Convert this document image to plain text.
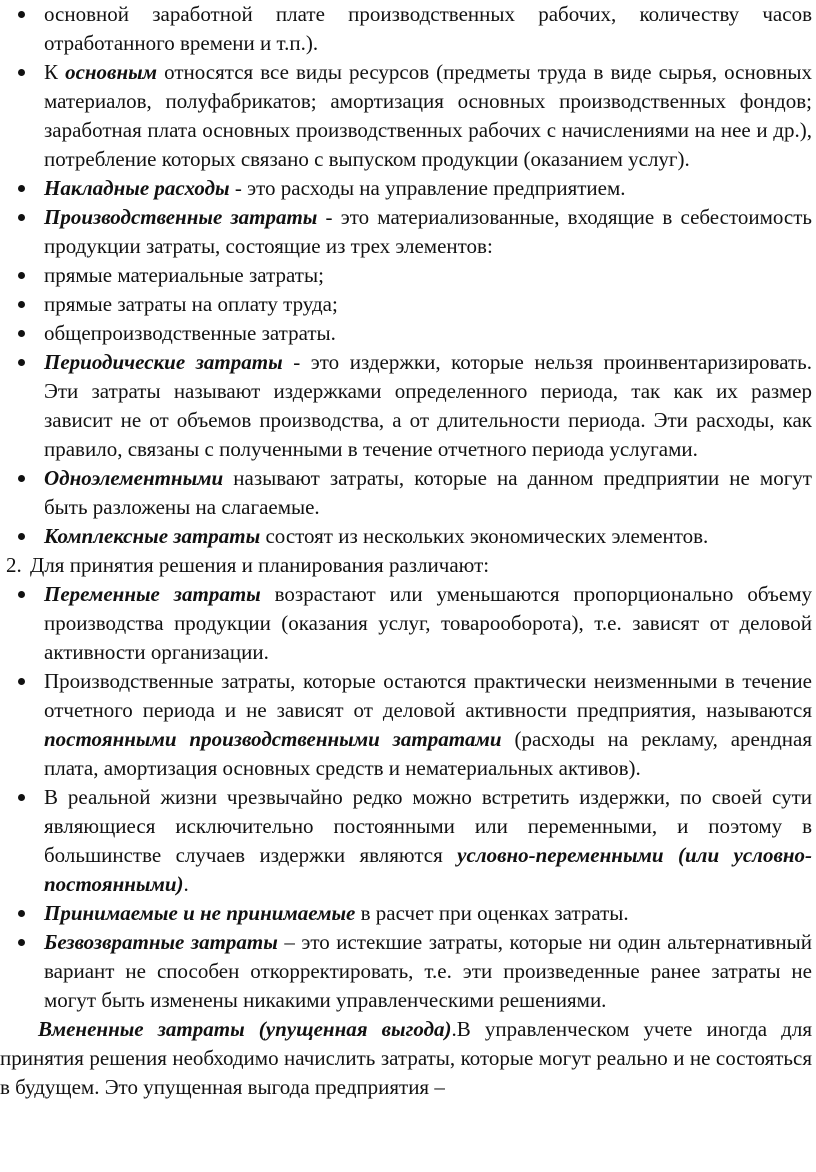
основной заработной плате производственных рабочих, количеству часов отработанного времени и т.п.).
К основным относятся все виды ресурсов (предметы труда в виде сырья, основных материалов, полуфабрикатов; амортизация основных производственных фондов; заработная плата основных производственных рабочих с начислениями на нее и др.), потребление которых связано с выпуском продукции (оказанием услуг).
Накладные расходы - это расходы на управление предприятием.
Производственные затраты - это материализованные, входящие в себестоимость продукции затраты, состоящие из трех элементов:
прямые материальные затраты;
прямые затраты на оплату труда;
общепроизводственные затраты.
Периодические затраты - это издержки, которые нельзя проинвентаризировать. Эти затраты называют издержками определенного периода, так как их размер зависит не от объемов производства, а от длительности периода. Эти расходы, как правило, связаны с полученными в течение отчетного периода услугами.
Одноэлементными называют затраты, которые на данном предприятии не могут быть разложены на слагаемые.
Комплексные затраты состоят из нескольких экономических элементов.
2. Для принятия решения и планирования различают:
Переменные затраты возрастают или уменьшаются пропорционально объему производства продукции (оказания услуг, товарооборота), т.е. зависят от деловой активности организации.
Производственные затраты, которые остаются практически неизменными в течение отчетного периода и не зависят от деловой активности предприятия, называются постоянными производственными затратами (расходы на рекламу, арендная плата, амортизация основных средств и нематериальных активов).
В реальной жизни чрезвычайно редко можно встретить издержки, по своей сути являющиеся исключительно постоянными или переменными, и поэтому в большинстве случаев издержки являются условно-переменными (или условно-постоянными).
Принимаемые и не принимаемые в расчет при оценках затраты.
Безвозвратные затраты – это истекшие затраты, которые ни один альтернативный вариант не способен откорректировать, т.е. эти произведенные ранее затраты не могут быть изменены никакими управленческими решениями.
Вмененные затраты (упущенная выгода).В управленческом учете иногда для принятия решения необходимо начислить затраты, которые могут реально и не состояться в будущем. Это упущенная выгода предприятия –
